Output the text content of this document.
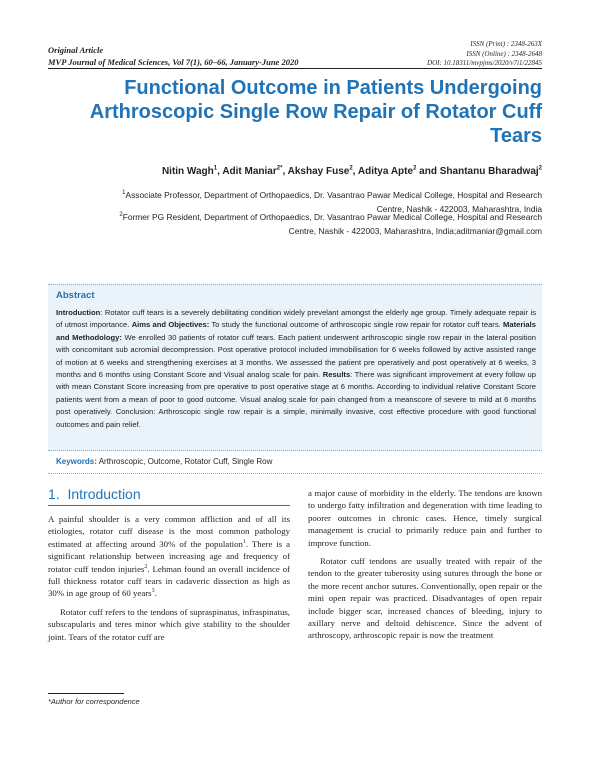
Original Article
MVP Journal of Medical Sciences, Vol 7(1), 60–66, January-June 2020
ISSN (Print) : 2348-263X
ISSN (Online) : 2348-2648
DOI: 10.18311/mvpjms/2020/v7i1/22845
Functional Outcome in Patients Undergoing Arthroscopic Single Row Repair of Rotator Cuff Tears
Nitin Wagh$^1$, Adit Maniar$^{2*}$, Akshay Fuse$^2$, Aditya Apte$^2$ and Shantanu Bharadwaj$^2$
$^1$Associate Professor, Department of Orthopaedics, Dr. Vasantrao Pawar Medical College, Hospital and Research Centre, Nashik - 422003, Maharashtra, India
$^2$Former PG Resident, Department of Orthopaedics, Dr. Vasantrao Pawar Medical College, Hospital and Research Centre, Nashik - 422003, Maharashtra, India;aditmaniar@gmail.com
Abstract
Introduction: Rotator cuff tears is a severely debilitating condition widely prevelant amongst the elderly age group. Timely adequate repair is of utmost importance. Aims and Objectives: To study the functional outcome of arthroscopic single row repair for rotator cuff tears. Materials and Methodology: We enrolled 30 patients of rotator cuff tears. Each patient underwent arthroscopic single row repair in the lateral position with concomitant sub acromial decompression. Post operative protocol included immobilisation for 6 weeks followed by active assisted range of motion at 6 weeks and strengthening exercises at 3 months. We assessed the patient pre operatively and post operatively at 6 weeks, 3 months and 6 months using Constant Score and Visual analog scale for pain. Results: There was significant improvement at every follow up with mean Constant Score increasing from pre operative to post operative stage at 6 months. According to individual relative Constant Score patients went from a mean of poor to good outcome. Visual analog scale for pain changed from a meanscore of severe to mild at 6 months post operatively. Conclusion: Arthroscopic single row repair is a simple, minimally invasive, cost effective procedure with good functional outcomes and pain relief.
Keywords: Arthroscopic, Outcome, Rotator Cuff, Single Row
1. Introduction

A painful shoulder is a very common affliction and of all its etiologies, rotator cuff disease is the most common pathology estimated at affecting around 30% of the population$^1$. There is a significant relationship between increasing age and frequency of rotator cuff tendon injuries$^2$. Lehman found an overall incidence of full thickness rotator cuff tears in cadaveric dissection as high as 30% in age group of 60 years$^3$.

Rotator cuff refers to the tendons of supraspinatus, infraspinatus, subscapularis and teres minor which give stability to the shoulder joint. Tears of the rotator cuff are

a major cause of morbidity in the elderly. The tendons are known to undergo fatty infiltration and degeneration with time leading to poorer outcomes in chronic cases. Hence, timely surgical management is crucial to primarily reduce pain and further to improve function.

Rotator cuff tendons are usually treated with repair of the tendon to the greater tuberosity using sutures through the bone or the more recent anchor sutures. Conventionally, open repair or the mini open repair was practiced. Disadvantages of open repair include bigger scar, increased chances of bleeding, injury to axillary nerve and deltoid dehiscence. Since the advent of arthroscopy, arthroscopic repair is now the treatment

*Author for correspondence
